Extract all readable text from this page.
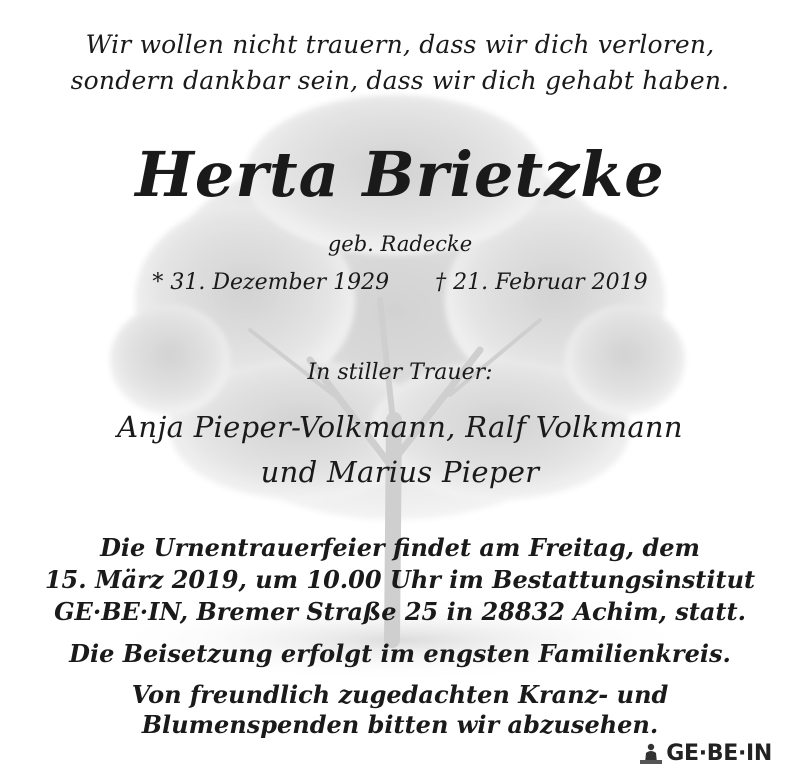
Wir wollen nicht trauern, dass wir dich verloren,
sondern dankbar sein, dass wir dich gehabt haben.
Herta Brietzke
geb. Radecke
* 31. Dezember 1929 † 21. Februar 2019
In stiller Trauer:
Anja Pieper-Volkmann, Ralf Volkmann
und Marius Pieper
Die Urnentrauerfeier findet am Freitag, dem
15. März 2019, um 10.00 Uhr im Bestattungsinstitut
GE·BE·IN, Bremer Straße 25 in 28832 Achim, statt.
Die Beisetzung erfolgt im engsten Familienkreis.
Von freundlich zugedachten Kranz- und
Blumenspenden bitten wir abzusehen.
GE·BE·IN
